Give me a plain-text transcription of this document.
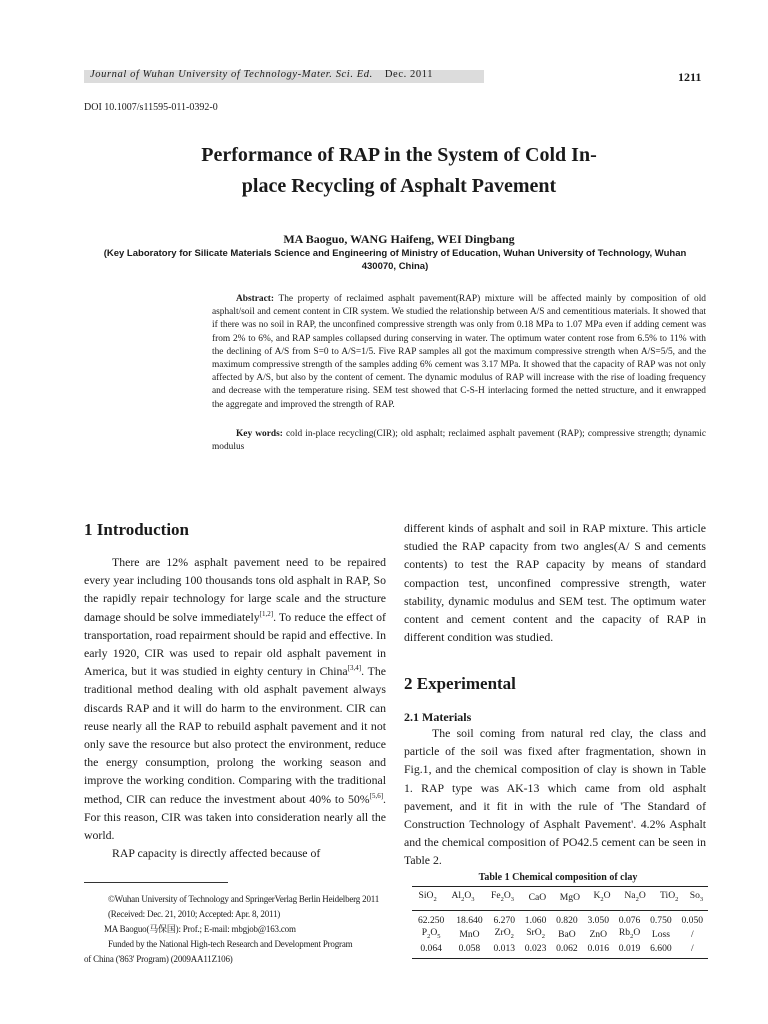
Journal of Wuhan University of Technology-Mater. Sci. Ed. Dec. 2011	1211
DOI 10.1007/s11595-011-0392-0
Performance of RAP in the System of Cold In-
place Recycling of Asphalt Pavement
MA Baoguo, WANG Haifeng, WEI Dingbang
(Key Laboratory for Silicate Materials Science and Engineering of Ministry of Education, Wuhan University of Technology, Wuhan
430070, China)
Abstract: The property of reclaimed asphalt pavement(RAP) mixture will be affected mainly by composition of old asphalt/soil and cement content in CIR system. We studied the relationship between A/S and cementitious materials. It showed that if there was no soil in RAP, the unconfined compressive strength was only from 0.18 MPa to 1.07 MPa even if adding cement was from 2% to 6%, and RAP samples collapsed during conserving in water. The optimum water content rose from 6.5% to 11% with the declining of A/S from S=0 to A/S=1/5. Five RAP samples all got the maximum compressive strength when A/S=5/5, and the maximum compressive strength of the samples adding 6% cement was 3.17 MPa. It showed that the capacity of RAP was not only affected by A/S, but also by the content of cement. The dynamic modulus of RAP will increase with the rise of loading frequency and decrease with the temperature rising. SEM test showed that C-S-H interlacing formed the netted structure, and it enwrapped the aggregate and improved the strength of RAP.
Key words: cold in-place recycling(CIR); old asphalt; reclaimed asphalt pavement (RAP); compressive strength; dynamic modulus
1 Introduction

There are 12% asphalt pavement need to be repaired every year including 100 thousands tons old asphalt in RAP, So the rapidly repair technology for large scale and the structure damage should be solve immediately[1,2]. To reduce the effect of transportation, road repairment should be rapid and effective. In early 1920, CIR was used to repair old asphalt pavement in America, but it was studied in eighty century in China[3,4]. The traditional method dealing with old asphalt pavement always discards RAP and it will do harm to the environment. CIR can reuse nearly all the RAP to rebuild asphalt pavement and it not only save the resource but also protect the environment, reduce the energy consumption, prolong the working season and improve the working condition. Comparing with the traditional method, CIR can reduce the investment about 40% to 50%[5,6]. For this reason, CIR was taken into consideration nearly all the world.

RAP capacity is directly affected because of

different kinds of asphalt and soil in RAP mixture. This article studied the RAP capacity from two angles(A/ S and cements contents) to test the RAP capacity by means of standard compaction test, unconfined compressive strength, water stability, dynamic modulus and SEM test. The optimum water content and cement content and the capacity of RAP in different condition was studied.

2 Experimental
2.1 Materials

The soil coming from natural red clay, the class and particle of the soil was fixed after fragmentation, shown in Fig.1, and the chemical composition of clay is shown in Table 1. RAP type was AK-13 which came from old asphalt pavement, and it fit in with the rule of 'The Standard of Construction Technology of Asphalt Pavement'. 4.2% Asphalt and the chemical composition of PO42.5 cement can be seen in Table 2.

©Wuhan University of Technology and SpringerVerlag Berlin Heidelberg 2011
(Received: Dec. 21, 2010; Accepted: Apr. 8, 2011)
MA Baoguo(马保国): Prof.; E-mail: mbgjob@163.com
Funded by the National High-tech Research and Development Program
of China ('863' Program) (2009AA11Z106)
Table 1 Chemical composition of clay
SiO$_2$	$Al_2O_3$	$Fe_2O_3$	CaO	MgO	$K_2O$	$Na_2O$	TiO$_2$	$So_3$
62.250	18.640	6.270	1.060	0.820	3.050	0.076	0.750	0.050
$P_2O_5$	MnO	ZrO$_2$	SrO$_2$	BaO	ZnO	$Rb_2O$	Loss	/
0.064	0.058	0.013	0.023	0.062	0.016	0.019	6.600	/
